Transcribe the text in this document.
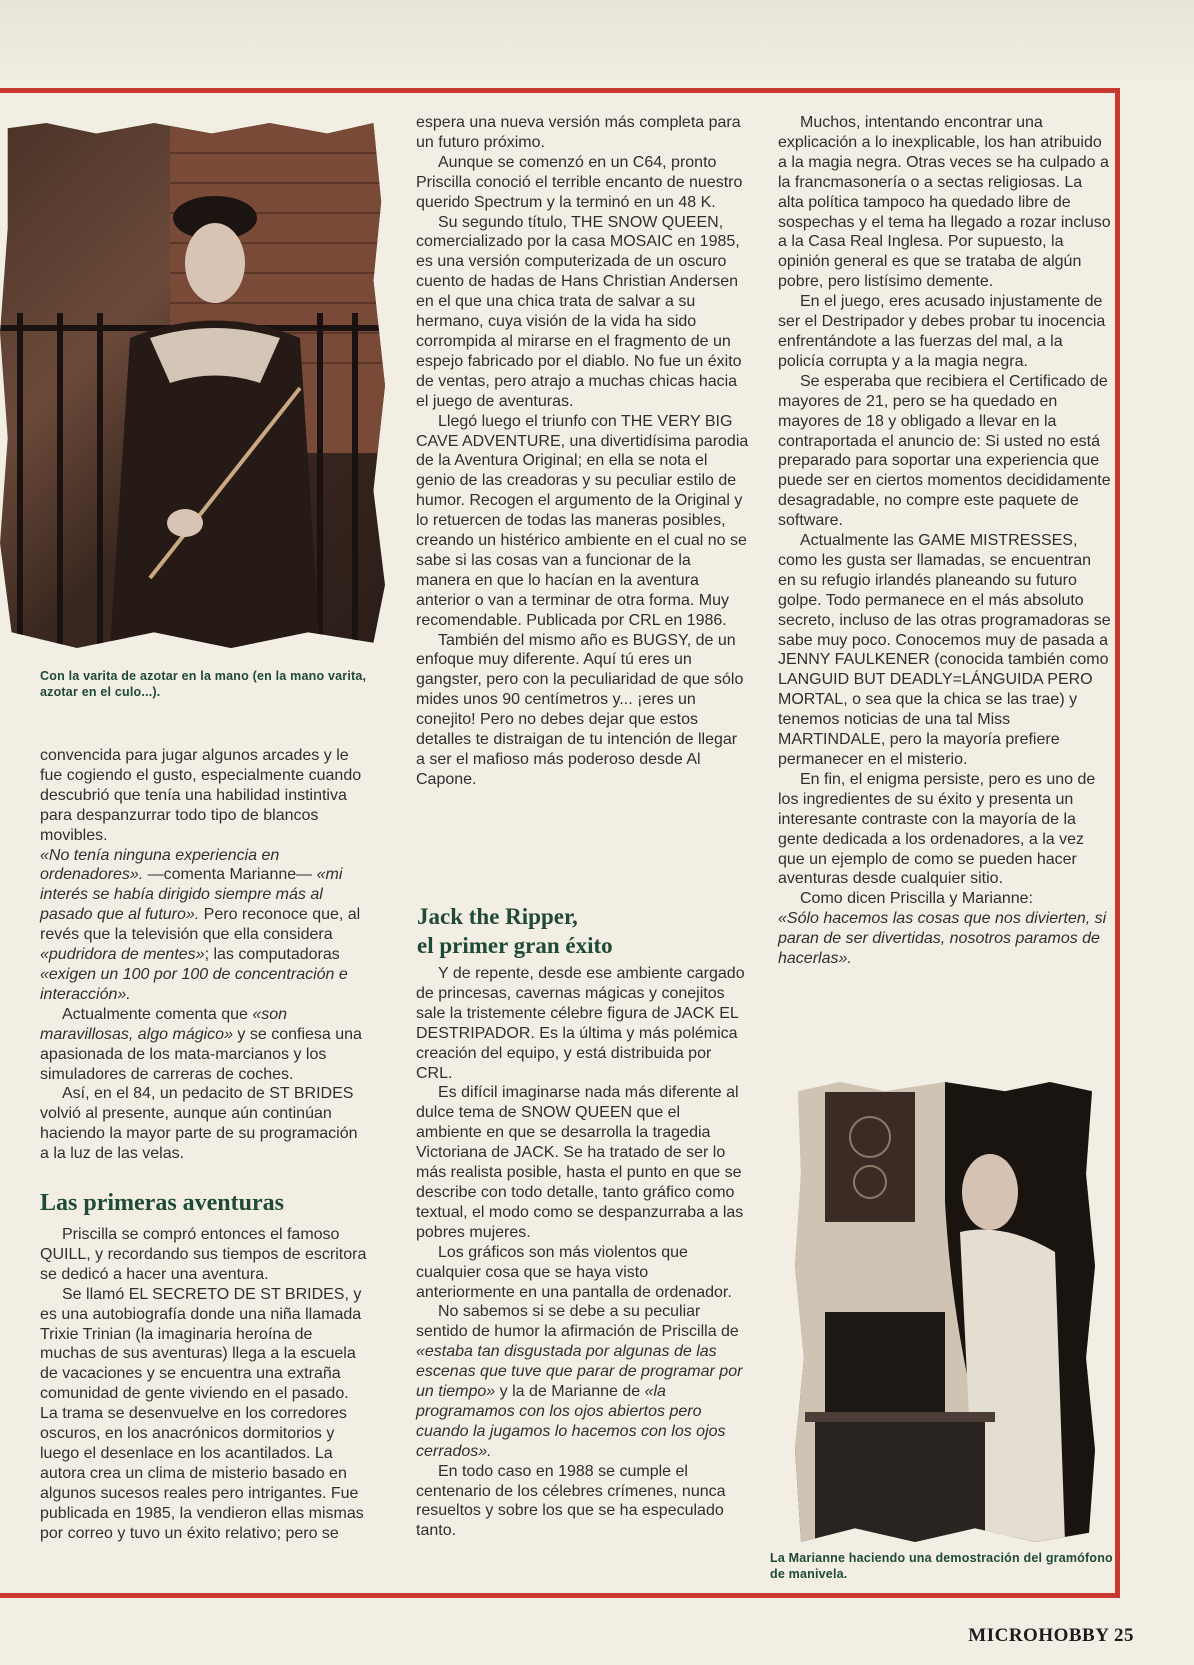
Con la varita de azotar en la mano (en la mano varita, azotar en el culo...).

convencida para jugar algunos arcades y le fue cogiendo el gusto, especialmente cuando descubrió que tenía una habilidad instintiva para despanzurrar todo tipo de blancos movibles.

«No tenía ninguna experiencia en ordenadores». —comenta Marianne— «mi interés se había dirigido siempre más al pasado que al futuro». Pero reconoce que, al revés que la televisión que ella considera «pudridora de mentes»; las computadoras «exigen un 100 por 100 de concentración e interacción».

Actualmente comenta que «son maravillosas, algo mágico» y se confiesa una apasionada de los mata-marcianos y los simuladores de carreras de coches.

Así, en el 84, un pedacito de ST BRIDES volvió al presente, aunque aún continúan haciendo la mayor parte de su programación a la luz de las velas.

Las primeras aventuras

Priscilla se compró entonces el famoso QUILL, y recordando sus tiempos de escritora se dedicó a hacer una aventura.

Se llamó EL SECRETO DE ST BRIDES, y es una autobiografía donde una niña llamada Trixie Trinian (la imaginaria heroína de muchas de sus aventuras) llega a la escuela de vacaciones y se encuentra una extraña comunidad de gente viviendo en el pasado. La trama se desenvuelve en los corredores oscuros, en los anacrónicos dormitorios y luego el desenlace en los acantilados. La autora crea un clima de misterio basado en algunos sucesos reales pero intrigantes. Fue publicada en 1985, la vendieron ellas mismas por correo y tuvo un éxito relativo; pero se

espera una nueva versión más completa para un futuro próximo.

Aunque se comenzó en un C64, pronto Priscilla conoció el terrible encanto de nuestro querido Spectrum y la terminó en un 48 K.

Su segundo título, THE SNOW QUEEN, comercializado por la casa MOSAIC en 1985, es una versión computerizada de un oscuro cuento de hadas de Hans Christian Andersen en el que una chica trata de salvar a su hermano, cuya visión de la vida ha sido corrompida al mirarse en el fragmento de un espejo fabricado por el diablo. No fue un éxito de ventas, pero atrajo a muchas chicas hacia el juego de aventuras.

Llegó luego el triunfo con THE VERY BIG CAVE ADVENTURE, una divertidísima parodia de la Aventura Original; en ella se nota el genio de las creadoras y su peculiar estilo de humor. Recogen el argumento de la Original y lo retuercen de todas las maneras posibles, creando un histérico ambiente en el cual no se sabe si las cosas van a funcionar de la manera en que lo hacían en la aventura anterior o van a terminar de otra forma. Muy recomendable. Publicada por CRL en 1986.

También del mismo año es BUGSY, de un enfoque muy diferente. Aquí tú eres un gangster, pero con la peculiaridad de que sólo mides unos 90 centímetros y... ¡eres un conejito! Pero no debes dejar que estos detalles te distraigan de tu intención de llegar a ser el mafioso más poderoso desde Al Capone.

Jack the Ripper,
el primer gran éxito

Y de repente, desde ese ambiente cargado de princesas, cavernas mágicas y conejitos sale la tristemente célebre figura de JACK EL DESTRIPADOR. Es la última y más polémica creación del equipo, y está distribuida por CRL.

Es difícil imaginarse nada más diferente al dulce tema de SNOW QUEEN que el ambiente en que se desarrolla la tragedia Victoriana de JACK. Se ha tratado de ser lo más realista posible, hasta el punto en que se describe con todo detalle, tanto gráfico como textual, el modo como se despanzurraba a las pobres mujeres.

Los gráficos son más violentos que cualquier cosa que se haya visto anteriormente en una pantalla de ordenador.

No sabemos si se debe a su peculiar sentido de humor la afirmación de Priscilla de «estaba tan disgustada por algunas de las escenas que tuve que parar de programar por un tiempo» y la de Marianne de «la programamos con los ojos abiertos pero cuando la jugamos lo hacemos con los ojos cerrados».

En todo caso en 1988 se cumple el centenario de los célebres crímenes, nunca resueltos y sobre los que se ha especulado tanto.

Muchos, intentando encontrar una explicación a lo inexplicable, los han atribuido a la magia negra. Otras veces se ha culpado a la francmasonería o a sectas religiosas. La alta política tampoco ha quedado libre de sospechas y el tema ha llegado a rozar incluso a la Casa Real Inglesa. Por supuesto, la opinión general es que se trataba de algún pobre, pero listísimo demente.

En el juego, eres acusado injustamente de ser el Destripador y debes probar tu inocencia enfrentándote a las fuerzas del mal, a la policía corrupta y a la magia negra.

Se esperaba que recibiera el Certificado de mayores de 21, pero se ha quedado en mayores de 18 y obligado a llevar en la contraportada el anuncio de: Si usted no está preparado para soportar una experiencia que puede ser en ciertos momentos decididamente desagradable, no compre este paquete de software.

Actualmente las GAME MISTRESSES, como les gusta ser llamadas, se encuentran en su refugio irlandés planeando su futuro golpe. Todo permanece en el más absoluto secreto, incluso de las otras programadoras se sabe muy poco. Conocemos muy de pasada a JENNY FAULKENER (conocida también como LANGUID BUT DEADLY=LÁNGUIDA PERO MORTAL, o sea que la chica se las trae) y tenemos noticias de una tal Miss MARTINDALE, pero la mayoría prefiere permanecer en el misterio.

En fin, el enigma persiste, pero es uno de los ingredientes de su éxito y presenta un interesante contraste con la mayoría de la gente dedicada a los ordenadores, a la vez que un ejemplo de como se pueden hacer aventuras desde cualquier sitio.

Como dicen Priscilla y Marianne:

«Sólo hacemos las cosas que nos divierten, si paran de ser divertidas, nosotros paramos de hacerlas».

La Marianne haciendo una demostración del gramófono de manivela.
MICROHOBBY 25
